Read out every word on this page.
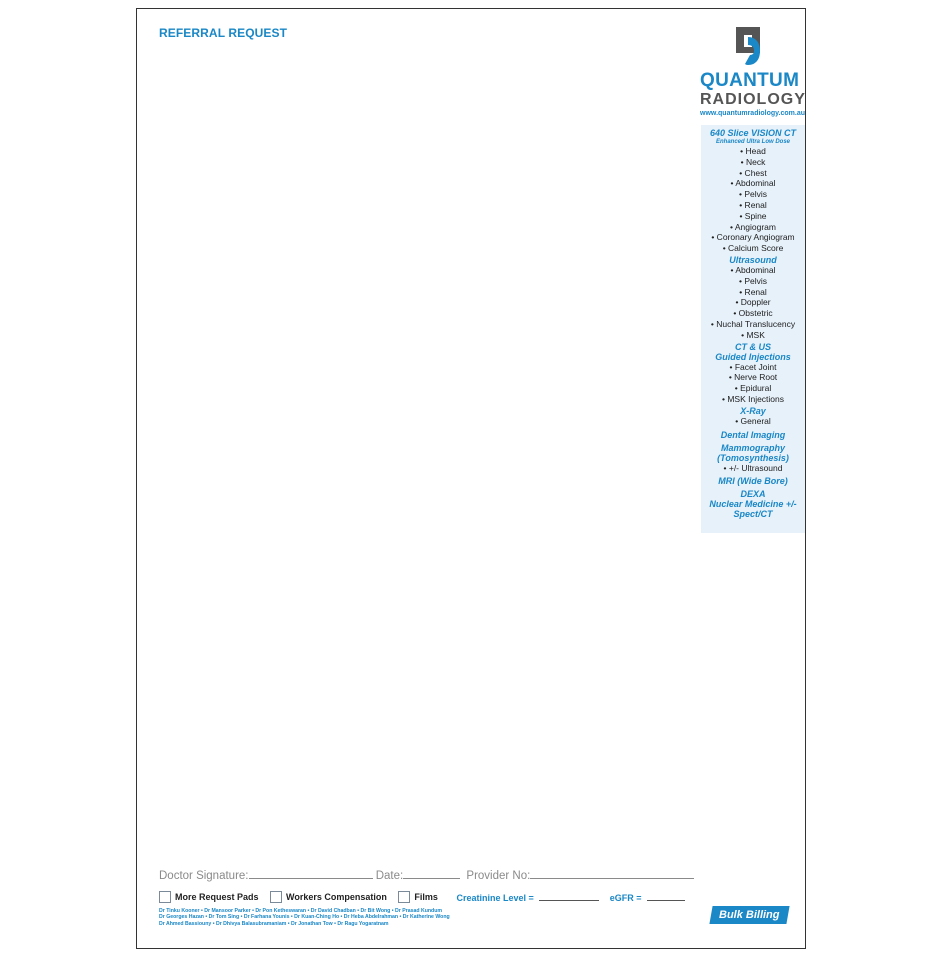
REFERRAL REQUEST
QUANTUM
RADIOLOGY
www.quantumradiology.com.au
640 Slice VISION CT
Enhanced Ultra Low Dose
• Head
• Neck
• Chest
• Abdominal
• Pelvis
• Renal
• Spine
• Angiogram
• Coronary Angiogram
• Calcium Score
Ultrasound
• Abdominal
• Pelvis
• Renal
• Doppler
• Obstetric
• Nuchal Translucency
• MSK
CT & US
Guided Injections
• Facet Joint
• Nerve Root
• Epidural
• MSK Injections
X-Ray
• General
Dental Imaging
Mammography
(Tomosynthesis)
• +/- Ultrasound
MRI (Wide Bore)
DEXA
Nuclear Medicine +/-
Spect/CT
Doctor Signature:	Date:	Provider No:
More Request Pads	Workers Compensation	Films Creatinine Level =	eGFR =
Dr Tinku Kooner • Dr Mansoor Parker • Dr Pon Ketheswaran • Dr David Chadban • Dr Bit Wong • Dr Prasad Kundum
Dr Georges Hazan • Dr Tom Sing • Dr Farhana Younis • Dr Kuan-Ching Ho • Dr Heba Abdelrahman • Dr Katherine Wong
Dr Ahmed Bassiouny • Dr Dhivya Balasubramaniam • Dr Jonathan Tow • Dr Ragu Yogaratnam
Bulk Billing
